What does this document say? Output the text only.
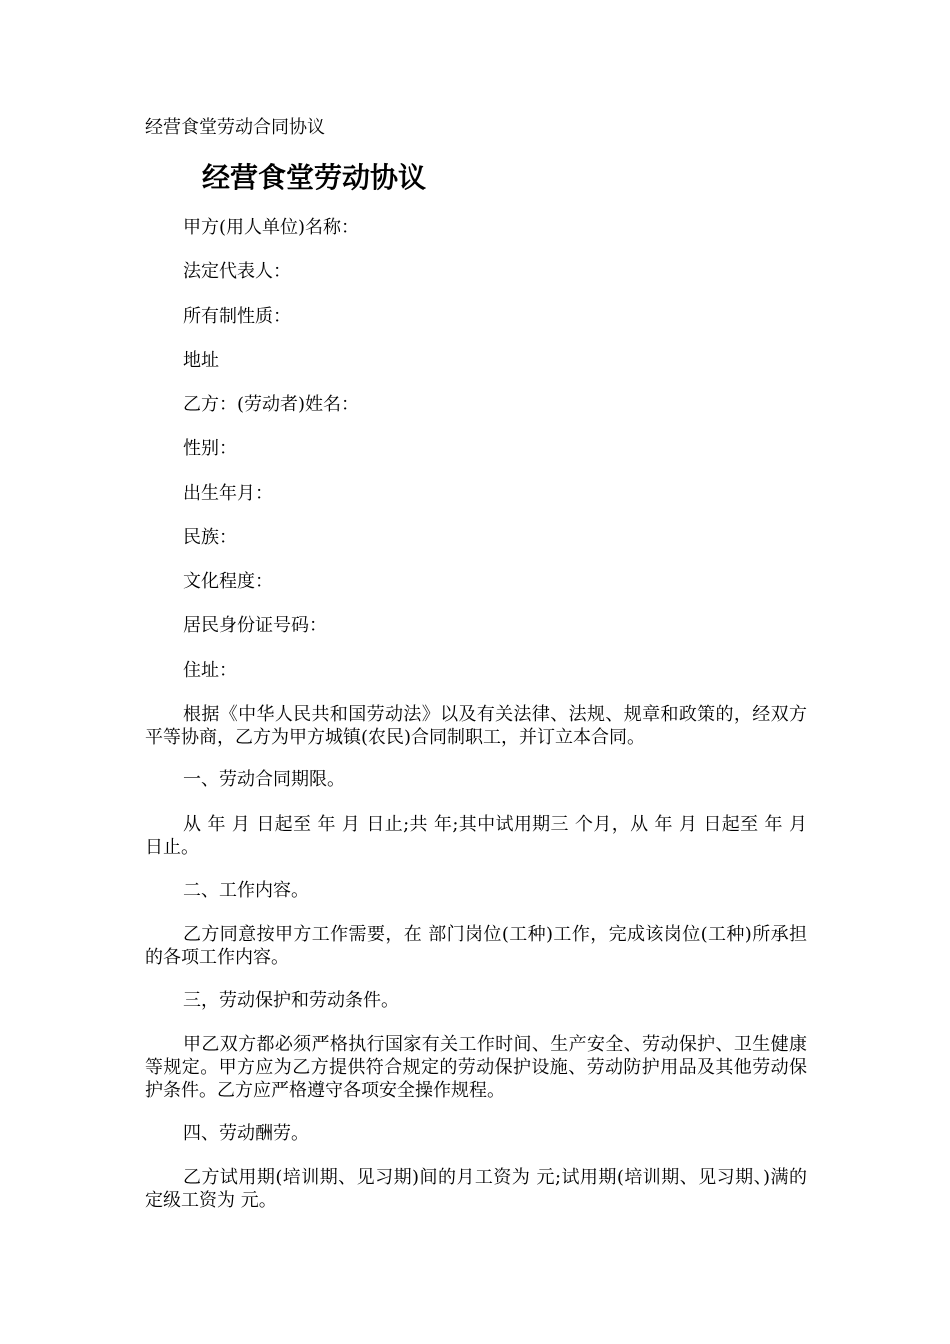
经营食堂劳动合同协议
经营食堂劳动协议
甲方(用人单位)名称：
法定代表人：
所有制性质：
地址
乙方：(劳动者)姓名：
性别：
出生年月：
民族：
文化程度：
居民身份证号码：
住址：

根据《中华人民共和国劳动法》以及有关法律、法规、规章和政策的，经双方平等协商，乙方为甲方城镇(农民)合同制职工，并订立本合同。

一、劳动合同期限。

从 年 月 日起至 年 月 日止;共 年;其中试用期三 个月，从 年 月 日起至 年 月 日止。

二、工作内容。

乙方同意按甲方工作需要，在 部门岗位(工种)工作，完成该岗位(工种)所承担的各项工作内容。

三，劳动保护和劳动条件。

甲乙双方都必须严格执行国家有关工作时间、生产安全、劳动保护、卫生健康等规定。甲方应为乙方提供符合规定的劳动保护设施、劳动防护用品及其他劳动保护条件。乙方应严格遵守各项安全操作规程。

四、劳动酬劳。

乙方试用期(培训期、见习期)间的月工资为 元;试用期(培训期、见习期、)满的定级工资为 元。
